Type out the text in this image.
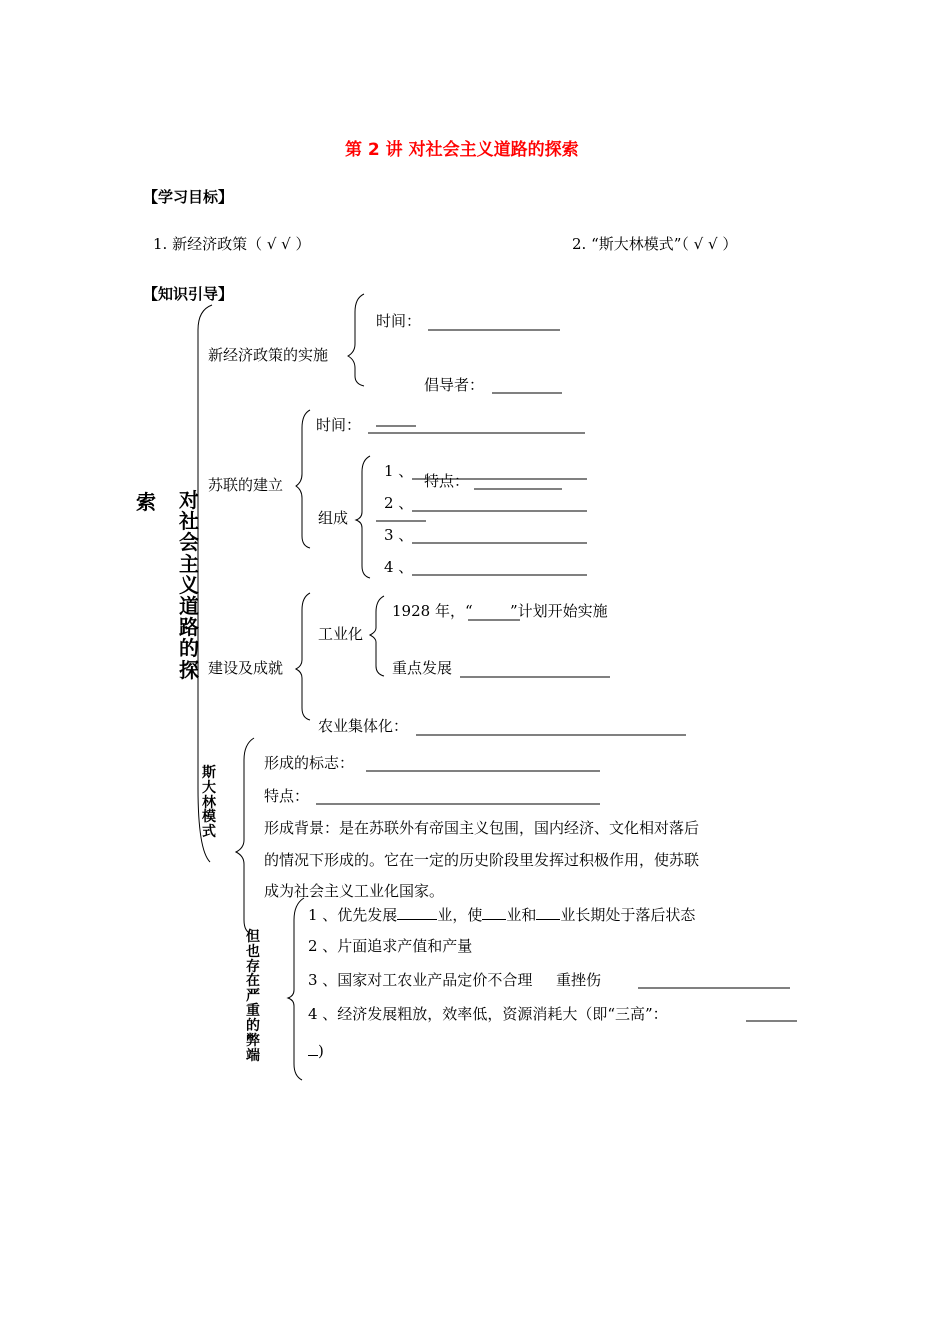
第 2 讲 对社会主义道路的探索
【学习目标】
1. 新经济政策（ √ √ ）	2. “斯大林模式”（ √ √ ）
【知识引导】
索 对社会主义道路的探
新经济政策的实施
时间：
倡导者：
苏联的建立
时间：
特点：
组成
1 、
2 、
3 、
4 、
建设及成就
工业化
1928 年，“ ”计划开始实施
重点发展
农业集体化：
斯大林模式
形成的标志：
特点：
形成背景：是在苏联外有帝国主义包围，国内经济、文化相对落后
的情况下形成的。它在一定的历史阶段里发挥过积极作用，使苏联
成为社会主义工业化国家。
但也存在严重的弊端
1 、优先发展	业，使 业和 业长期处于落后状态
2 、片面追求产值和产量
3 、国家对工农业产品定价不合理 重挫伤
4 、经济发展粗放，效率低，资源消耗大（即“三高”：
)
